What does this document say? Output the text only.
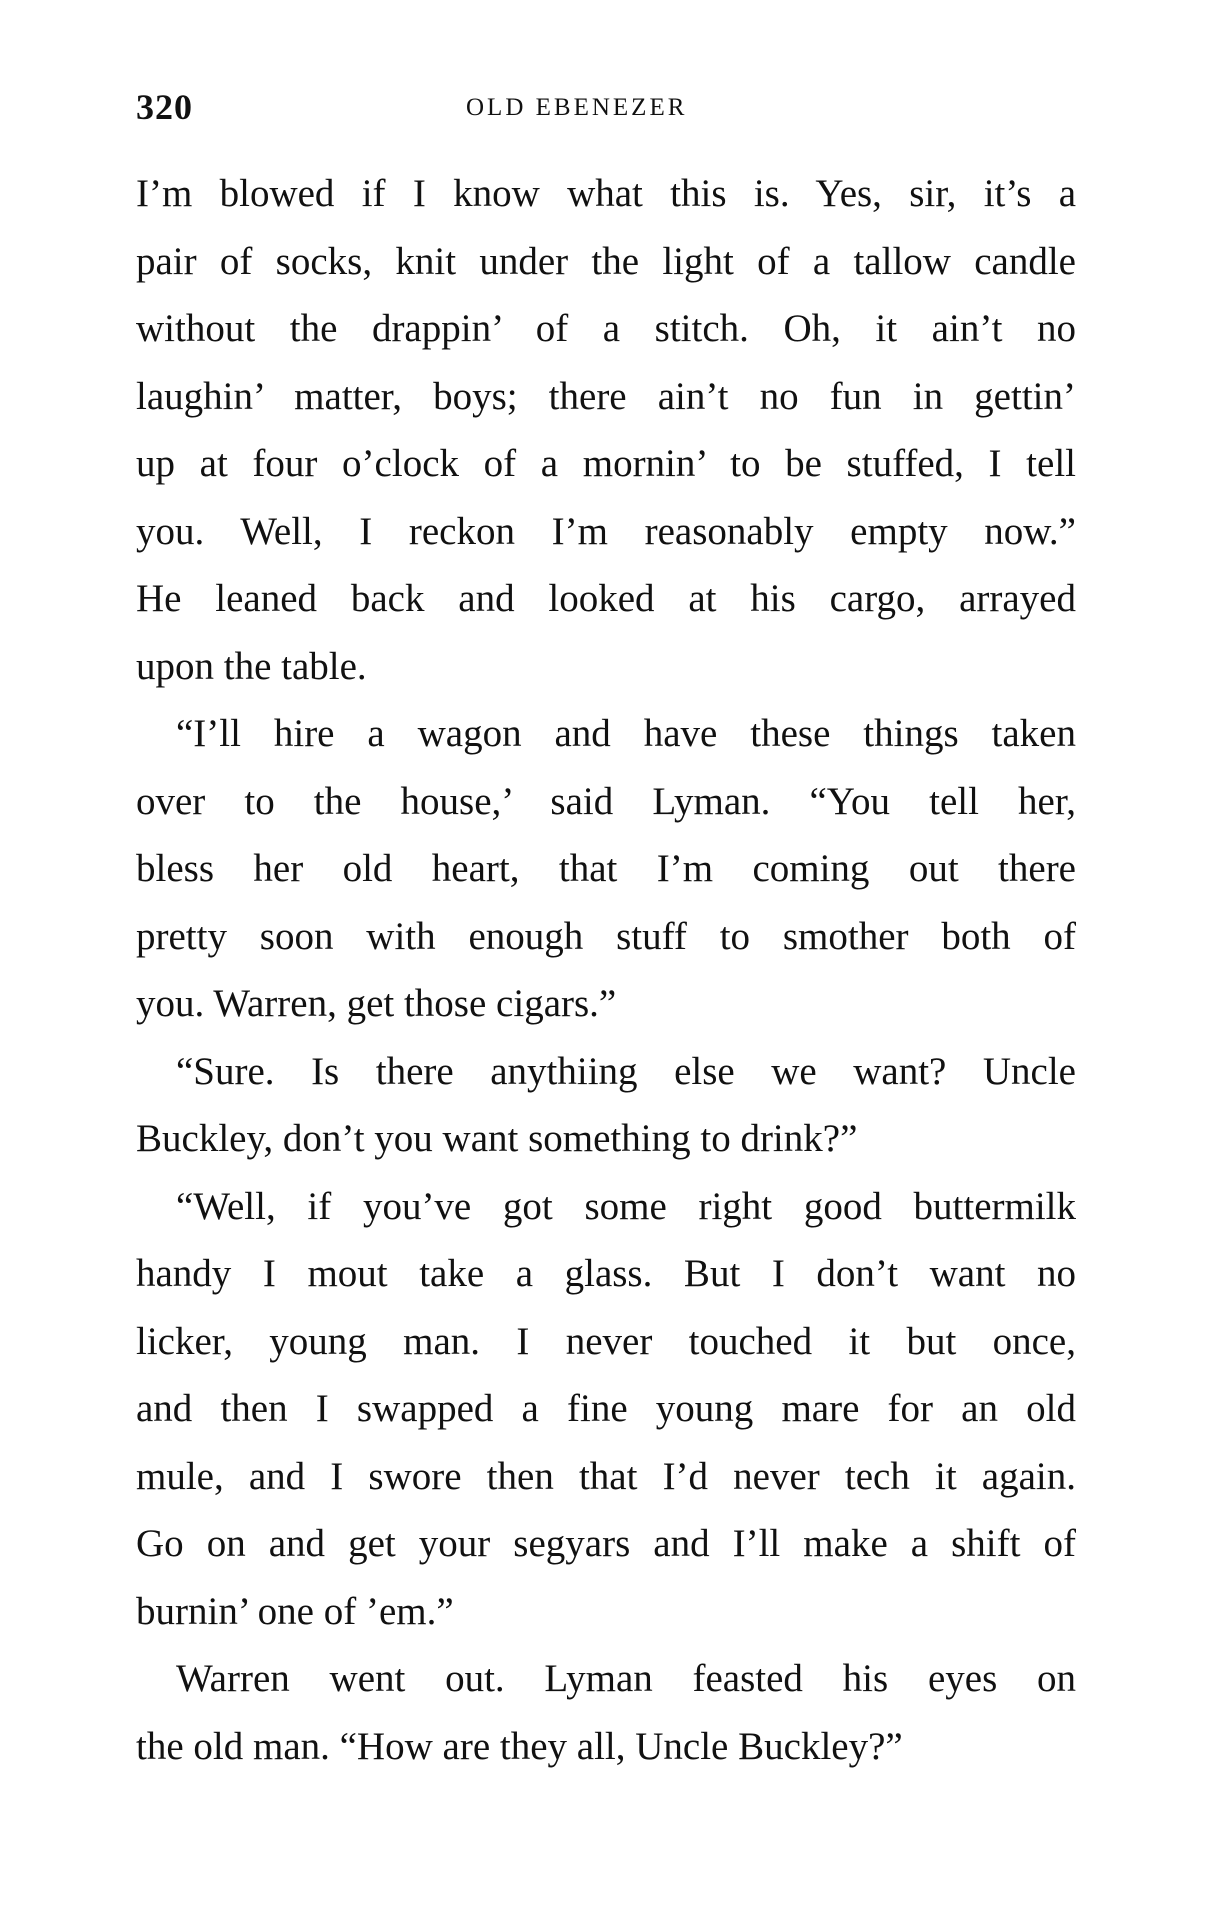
320	OLD EBENEZER
I’m blowed if I know what this is. Yes, sir, it’s a
pair of socks, knit under the light of a tallow candle
without the drappin’ of a stitch. Oh, it ain’t no
laughin’ matter, boys; there ain’t no fun in gettin’
up at four o’clock of a mornin’ to be stuffed, I tell
you. Well, I reckon I’m reasonably empty now.”
He leaned back and looked at his cargo, arrayed
upon the table.
“I’ll hire a wagon and have these things taken
over to the house,’ said Lyman. “You tell her,
bless her old heart, that I’m coming out there
pretty soon with enough stuff to smother both of
you. Warren, get those cigars.”
“Sure. Is there anythiing else we want? Uncle
Buckley, don’t you want something to drink?”
“Well, if you’ve got some right good buttermilk
handy I mout take a glass. But I don’t want no
licker, young man. I never touched it but once,
and then I swapped a fine young mare for an old
mule, and I swore then that I’d never tech it again.
Go on and get your segyars and I’ll make a shift of
burnin’ one of ’em.”
Warren went out. Lyman feasted his eyes on
the old man. “How are they all, Uncle Buckley?”
